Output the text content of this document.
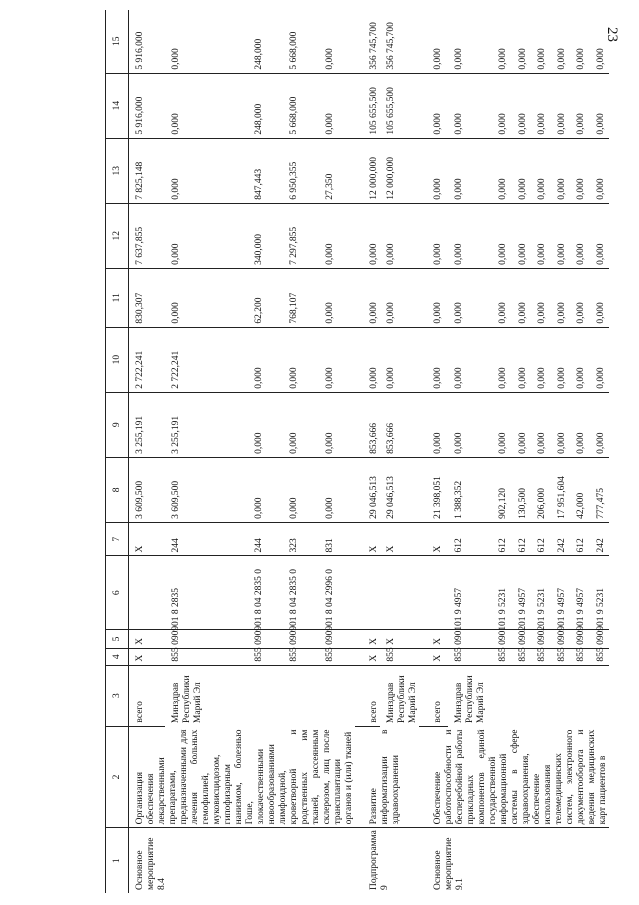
23
1	2	3	4	5	6	7	8	9	10	11	12	13	14	15
Основное мероприятие 8.4	Организация обеспечения лекарственными препаратами, предназначенными для лечения больных гемофилией, муковисцидозом, гипофизарным нанизмом, болезнью Гоше, злокачественными новообразованиями лимфоидной, кроветворной и родственных им тканей, рассеянным склерозом, лиц после трансплантации органов и (или) тканей	всего	X	X		X	3 609,500	3 255,191	2 722,241	830,307	7 637,855	7 825,148	5 916,000	5 916,000
		Минздрав Республики Марий Эл	855	0909	01 8 2835	244	3 609,500	3 255,191	2 722,241	0,000	0,000	0,000	0,000	0,000
			855	0909	01 8 04 2835 0	244	0,000	0,000	0,000	62,200	340,000	847,443	248,000	248,000
			855	0909	01 8 04 2835 0	323	0,000	0,000	0,000	768,107	7 297,855	6 950,355	5 668,000	5 668,000
			855	0909	01 8 04 2996 0	831	0,000	0,000	0,000	0,000	0,000	27,350	0,000	0,000
Подпрограмма 9	Развитие информатизации в здравоохранении	всего	X	X		X	29 046,513	853,666	0,000	0,000	0,000	12 000,000	105 655,500	356 745,700
		Минздрав Республики Марий Эл	855	X		X	29 046,513	853,666	0,000	0,000	0,000	12 000,000	105 655,500	356 745,700
Основное мероприятие 9.1	Обеспечение работоспособности и бесперебойной работы прикладных компонентов единой государственной информационной системы в сфере здравоохранения, обеспечение использования телемедицинских систем, электронного документооборота и ведения медицинских карт пациентов в	всего	X	X		X	21 398,051	0,000	0,000	0,000	0,000	0,000	0,000	0,000
		Минздрав Республики Марий Эл	855	0901	01 9 4957	612	1 388,352	0,000	0,000	0,000	0,000	0,000	0,000	0,000
			855	0901	01 9 5231	612	902,120	0,000	0,000	0,000	0,000	0,000	0,000	0,000
			855	0902	01 9 4957	612	130,500	0,000	0,000	0,000	0,000	0,000	0,000	0,000
			855	0902	01 9 5231	612	206,000	0,000	0,000	0,000	0,000	0,000	0,000	0,000
			855	0909	01 9 4957	242	17 951,604	0,000	0,000	0,000	0,000	0,000	0,000	0,000
			855	0909	01 9 4957	612	42,000	0,000	0,000	0,000	0,000	0,000	0,000	0,000
			855	0909	01 9 5231	242	777,475	0,000	0,000	0,000	0,000	0,000	0,000	0,000
